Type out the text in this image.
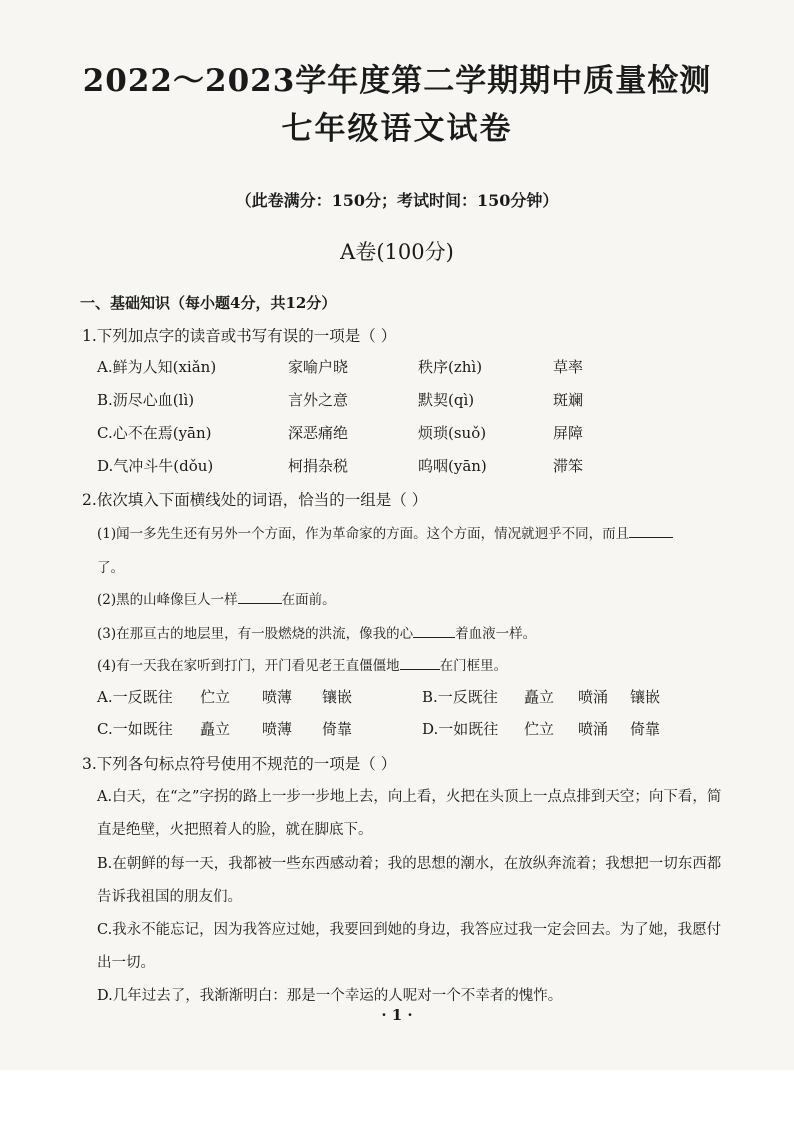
2022～2023学年度第二学期期中质量检测
七年级语文试卷
（此卷满分：150分；考试时间：150分钟）
A卷(100分)
一、基础知识（每小题4分，共12分）
1.下列加点字的读音或书写有误的一项是（ ）
A.鲜为人知(xiǎn)	家喻户晓	秩序(zhì)	草率
B.沥尽心血(lì)	言外之意	默契(qì)	斑斓
C.心不在焉(yān)	深恶痛绝	烦琐(suǒ)	屏障
D.气冲斗牛(dǒu)	柯捐杂税	呜咽(yān)	滞笨
2.依次填入下面横线处的词语，恰当的一组是（ ）
(1)闻一多先生还有另外一个方面，作为革命家的方面。这个方面，情况就迥乎不同，而且
了。
(2)黑的山峰像巨人一样	在面前。
(3)在那亘古的地层里，有一股燃烧的洪流，像我的心	着血液一样。
(4)有一天我在家听到打门，开门看见老王直僵僵地	在门框里。
A.一反既往 伫立 喷薄 镶嵌	B.一反既往 矗立 喷涌 镶嵌
C.一如既往 矗立 喷薄 倚靠	D.一如既往 伫立 喷涌 倚靠
3.下列各句标点符号使用不规范的一项是（ ）
A.白天，在“之”字拐的路上一步一步地上去，向上看，火把在头顶上一点点排到天空；向下看，简
直是绝壁，火把照着人的脸，就在脚底下。
B.在朝鲜的每一天，我都被一些东西感动着；我的思想的潮水，在放纵奔流着；我想把一切东西都
告诉我祖国的朋友们。
C.我永不能忘记，因为我答应过她，我要回到她的身边，我答应过我一定会回去。为了她，我愿付
出一切。
D.几年过去了，我渐渐明白：那是一个幸运的人呢对一个不幸者的愧怍。
· 1 ·
